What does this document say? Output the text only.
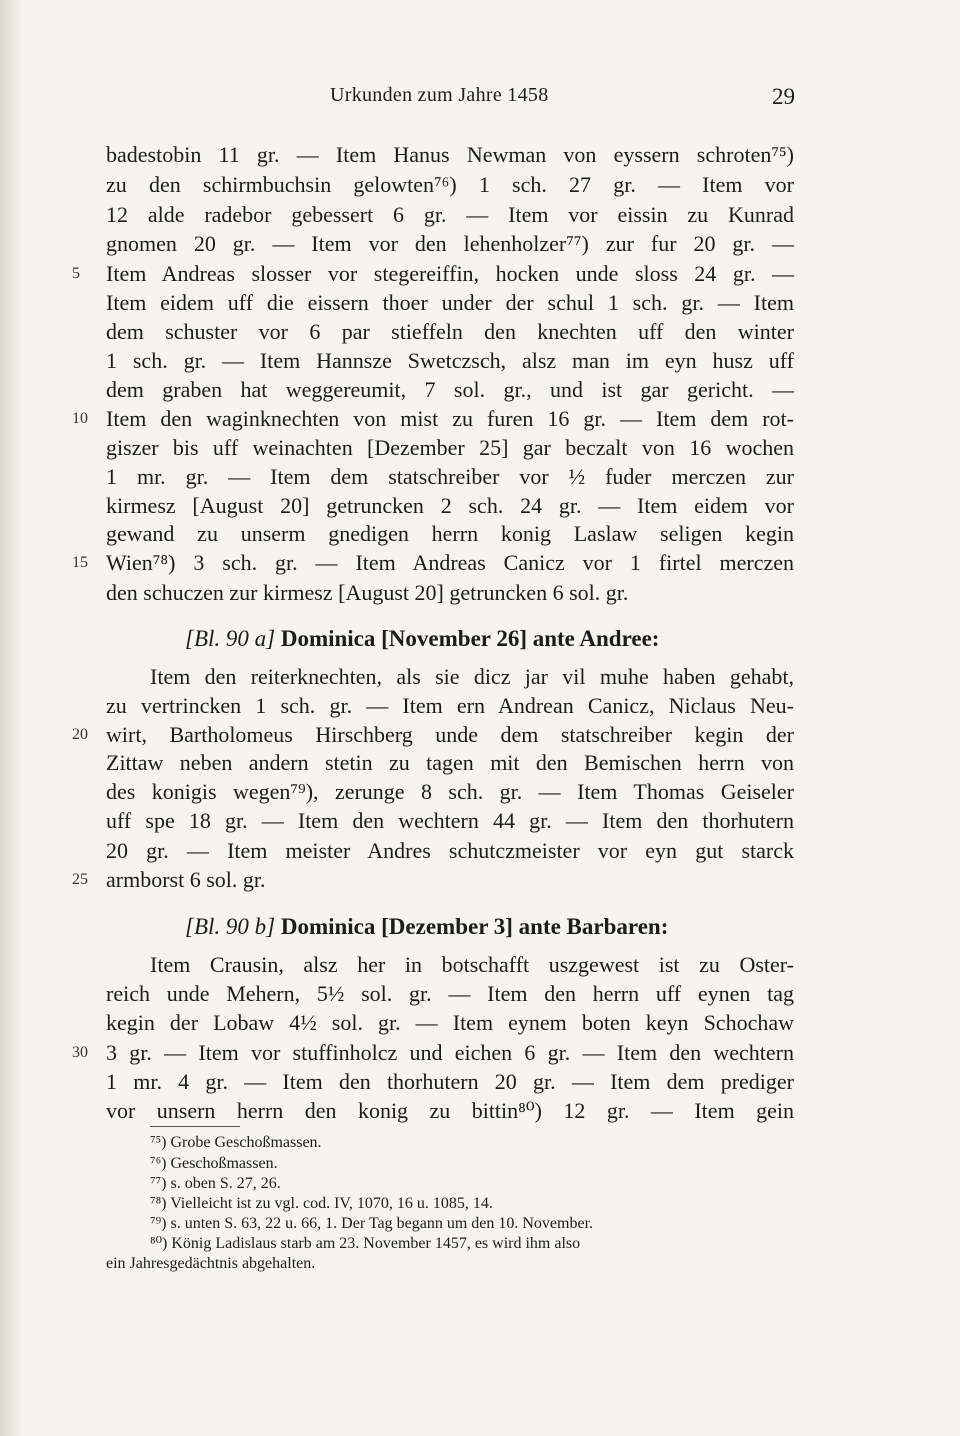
Urkunden zum Jahre 1458	29
badestobin 11 gr. — Item Hanus Newman von eyssern schroten⁷⁵)
zu den schirmbuchsin gelowten⁷⁶) 1 sch. 27 gr. — Item vor
12 alde radebor gebessert 6 gr. — Item vor eissin zu Kunrad
gnomen 20 gr. — Item vor den lehenholzer⁷⁷) zur fur 20 gr. —
Item Andreas slosser vor stegereiffin, hocken unde sloss 24 gr. —
Item eidem uff die eissern thoer under der schul 1 sch. gr. — Item
dem schuster vor 6 par stieffeln den knechten uff den winter
1 sch. gr. — Item Hannsze Swetczsch, alsz man im eyn husz uff
dem graben hat weggereumit, 7 sol. gr., und ist gar gericht. —
Item den waginknechten von mist zu furen 16 gr. — Item dem rot-
giszer bis uff weinachten [Dezember 25] gar beczalt von 16 wochen
1 mr. gr. — Item dem statschreiber vor ½ fuder merczen zur
kirmesz [August 20] getruncken 2 sch. 24 gr. — Item eidem vor
gewand zu unserm gnedigen herrn konig Laslaw seligen kegin
Wien⁷⁸) 3 sch. gr. — Item Andreas Canicz vor 1 firtel merczen
den schuczen zur kirmesz [August 20] getruncken 6 sol. gr.
[Bl. 90 a] Dominica [November 26] ante Andree:
Item den reiterknechten, als sie dicz jar vil muhe haben gehabt,
zu vertrincken 1 sch. gr. — Item ern Andrean Canicz, Niclaus Neu-
wirt, Bartholomeus Hirschberg unde dem statschreiber kegin der
Zittaw neben andern stetin zu tagen mit den Bemischen herrn von
des konigis wegen⁷⁹), zerunge 8 sch. gr. — Item Thomas Geiseler
uff spe 18 gr. — Item den wechtern 44 gr. — Item den thorhutern
20 gr. — Item meister Andres schutczmeister vor eyn gut starck
armborst 6 sol. gr.
[Bl. 90 b] Dominica [Dezember 3] ante Barbaren:
Item Crausin, alsz her in botschafft uszgewest ist zu Oster-
reich unde Mehern, 5½ sol. gr. — Item den herrn uff eynen tag
kegin der Lobaw 4½ sol. gr. — Item eynem boten keyn Schochaw
3 gr. — Item vor stuffinholcz und eichen 6 gr. — Item den wechtern
1 mr. 4 gr. — Item den thorhutern 20 gr. — Item dem prediger
vor unsern herrn den konig zu bittin⁸⁰) 12 gr. — Item gein
5
10
15
20
25
30
⁷⁵) Grobe Geschoßmassen.
⁷⁶) Geschoßmassen.
⁷⁷) s. oben S. 27, 26.
⁷⁸) Vielleicht ist zu vgl. cod. IV, 1070, 16 u. 1085, 14.
⁷⁹) s. unten S. 63, 22 u. 66, 1. Der Tag begann um den 10. November.
⁸⁰) König Ladislaus starb am 23. November 1457, es wird ihm also
ein Jahresgedächtnis abgehalten.
